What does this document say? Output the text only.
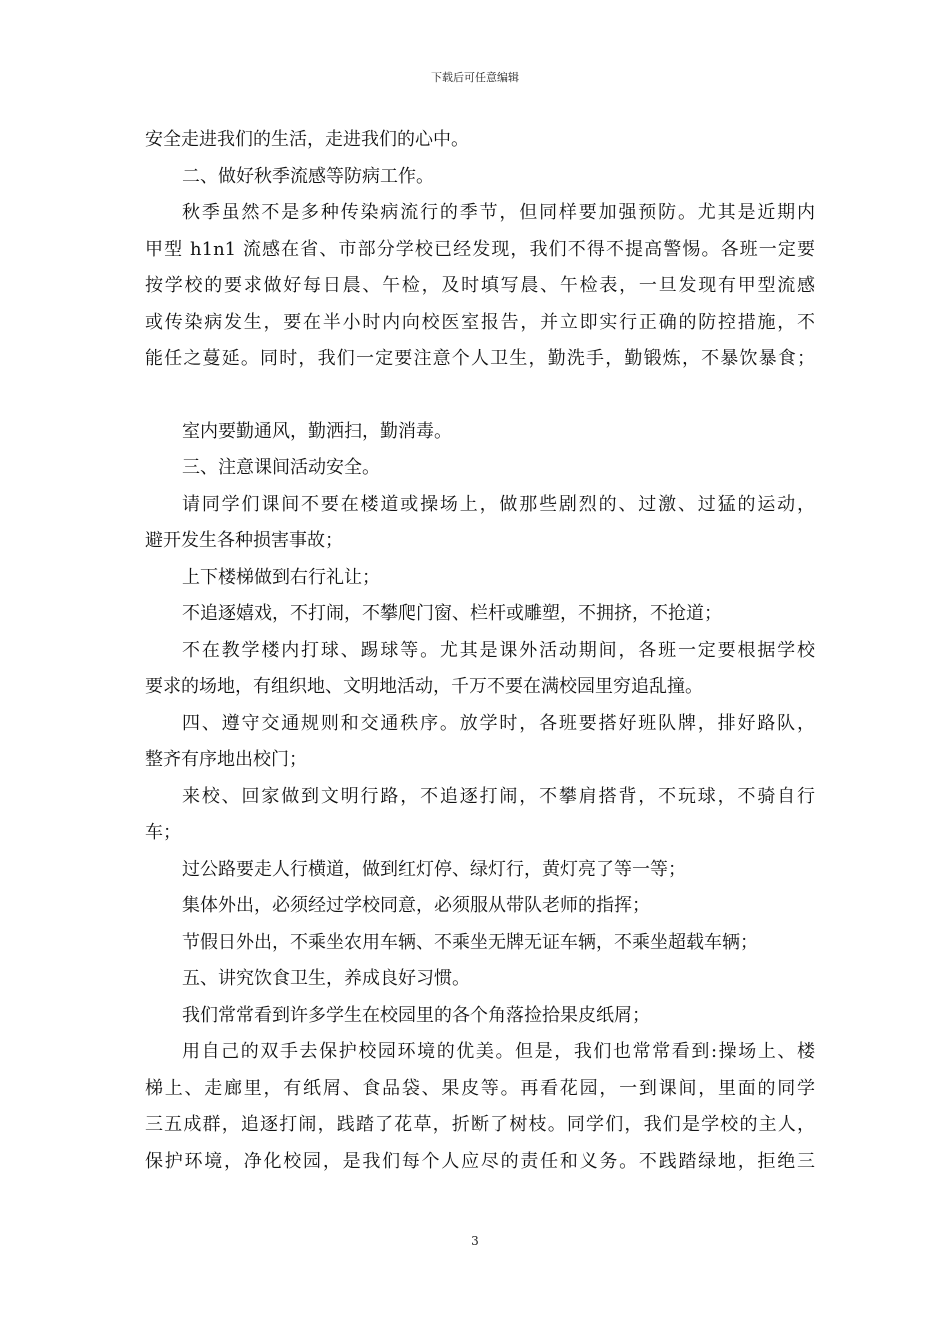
下载后可任意编辑

安全走进我们的生活，走进我们的心中。

二、做好秋季流感等防病工作。

秋季虽然不是多种传染病流行的季节，但同样要加强预防。尤其是近期内

甲型 h1n1 流感在省、市部分学校已经发现，我们不得不提高警惕。各班一定要

按学校的要求做好每日晨、午检，及时填写晨、午检表，一旦发现有甲型流感

或传染病发生，要在半小时内向校医室报告，并立即实行正确的防控措施，不

能任之蔓延。同时，我们一定要注意个人卫生，勤洗手，勤锻炼，不暴饮暴食；

室内要勤通风，勤洒扫，勤消毒。

三、注意课间活动安全。

请同学们课间不要在楼道或操场上，做那些剧烈的、过激、过猛的运动，

避开发生各种损害事故；

上下楼梯做到右行礼让；

不追逐嬉戏，不打闹，不攀爬门窗、栏杆或雕塑，不拥挤，不抢道；

不在教学楼内打球、踢球等。尤其是课外活动期间，各班一定要根据学校

要求的场地，有组织地、文明地活动，千万不要在满校园里穷追乱撞。

四、遵守交通规则和交通秩序。放学时，各班要搭好班队牌，排好路队，

整齐有序地出校门；

来校、回家做到文明行路，不追逐打闹，不攀肩搭背，不玩球，不骑自行

车；

过公路要走人行横道，做到红灯停、绿灯行，黄灯亮了等一等；

集体外出，必须经过学校同意，必须服从带队老师的指挥；

节假日外出，不乘坐农用车辆、不乘坐无牌无证车辆，不乘坐超载车辆；

五、讲究饮食卫生，养成良好习惯。

我们常常看到许多学生在校园里的各个角落捡拾果皮纸屑；

用自己的双手去保护校园环境的优美。但是，我们也常常看到:操场上、楼

梯上、走廊里，有纸屑、食品袋、果皮等。再看花园，一到课间，里面的同学

三五成群，追逐打闹，践踏了花草，折断了树枝。同学们，我们是学校的主人，

保护环境，净化校园，是我们每个人应尽的责任和义务。不践踏绿地，拒绝三

3
